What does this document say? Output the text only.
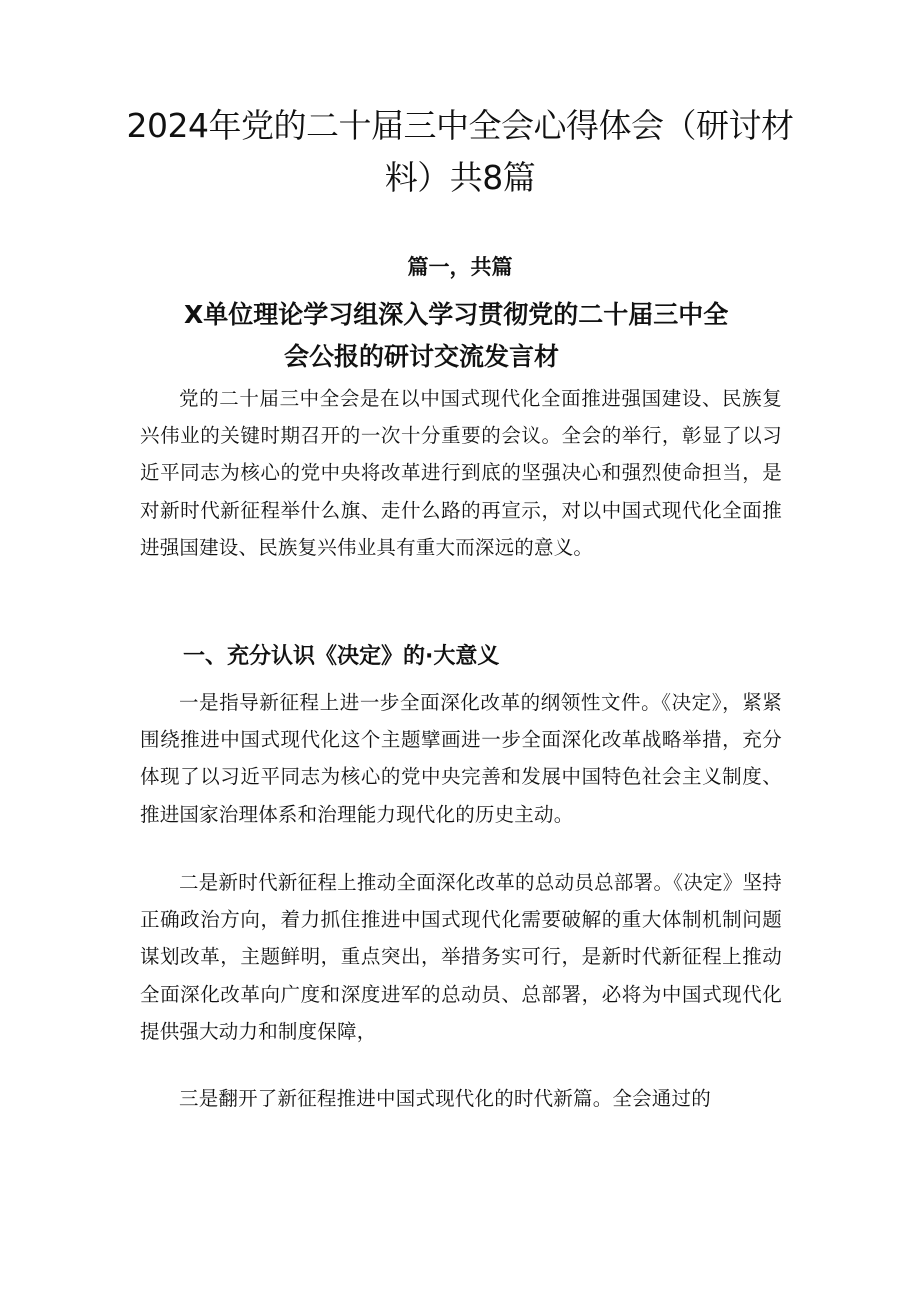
2024年党的二十届三中全会心得体会（研讨材料）共8篇
篇一，共篇
X单位理论学习组深入学习贯彻党的二十届三中全
会公报的研讨交流发言材

党的二十届三中全会是在以中国式现代化全面推进强国建设、民族复兴伟业的关键时期召开的一次十分重要的会议。全会的举行，彰显了以习近平同志为核心的党中央将改革进行到底的坚强决心和强烈使命担当，是对新时代新征程举什么旗、走什么路的再宣示，对以中国式现代化全面推进强国建设、民族复兴伟业具有重大而深远的意义。

一、充分认识《决定》的·大意义

一是指导新征程上进一步全面深化改革的纲领性文件。《决定》，紧紧围绕推进中国式现代化这个主题擘画进一步全面深化改革战略举措，充分体现了以习近平同志为核心的党中央完善和发展中国特色社会主义制度、推进国家治理体系和治理能力现代化的历史主动。

二是新时代新征程上推动全面深化改革的总动员总部署。《决定》坚持正确政治方向，着力抓住推进中国式现代化需要破解的重大体制机制问题谋划改革，主题鲜明，重点突出，举措务实可行，是新时代新征程上推动全面深化改革向广度和深度进军的总动员、总部署，必将为中国式现代化提供强大动力和制度保障，

三是翻开了新征程推进中国式现代化的时代新篇。全会通过的
